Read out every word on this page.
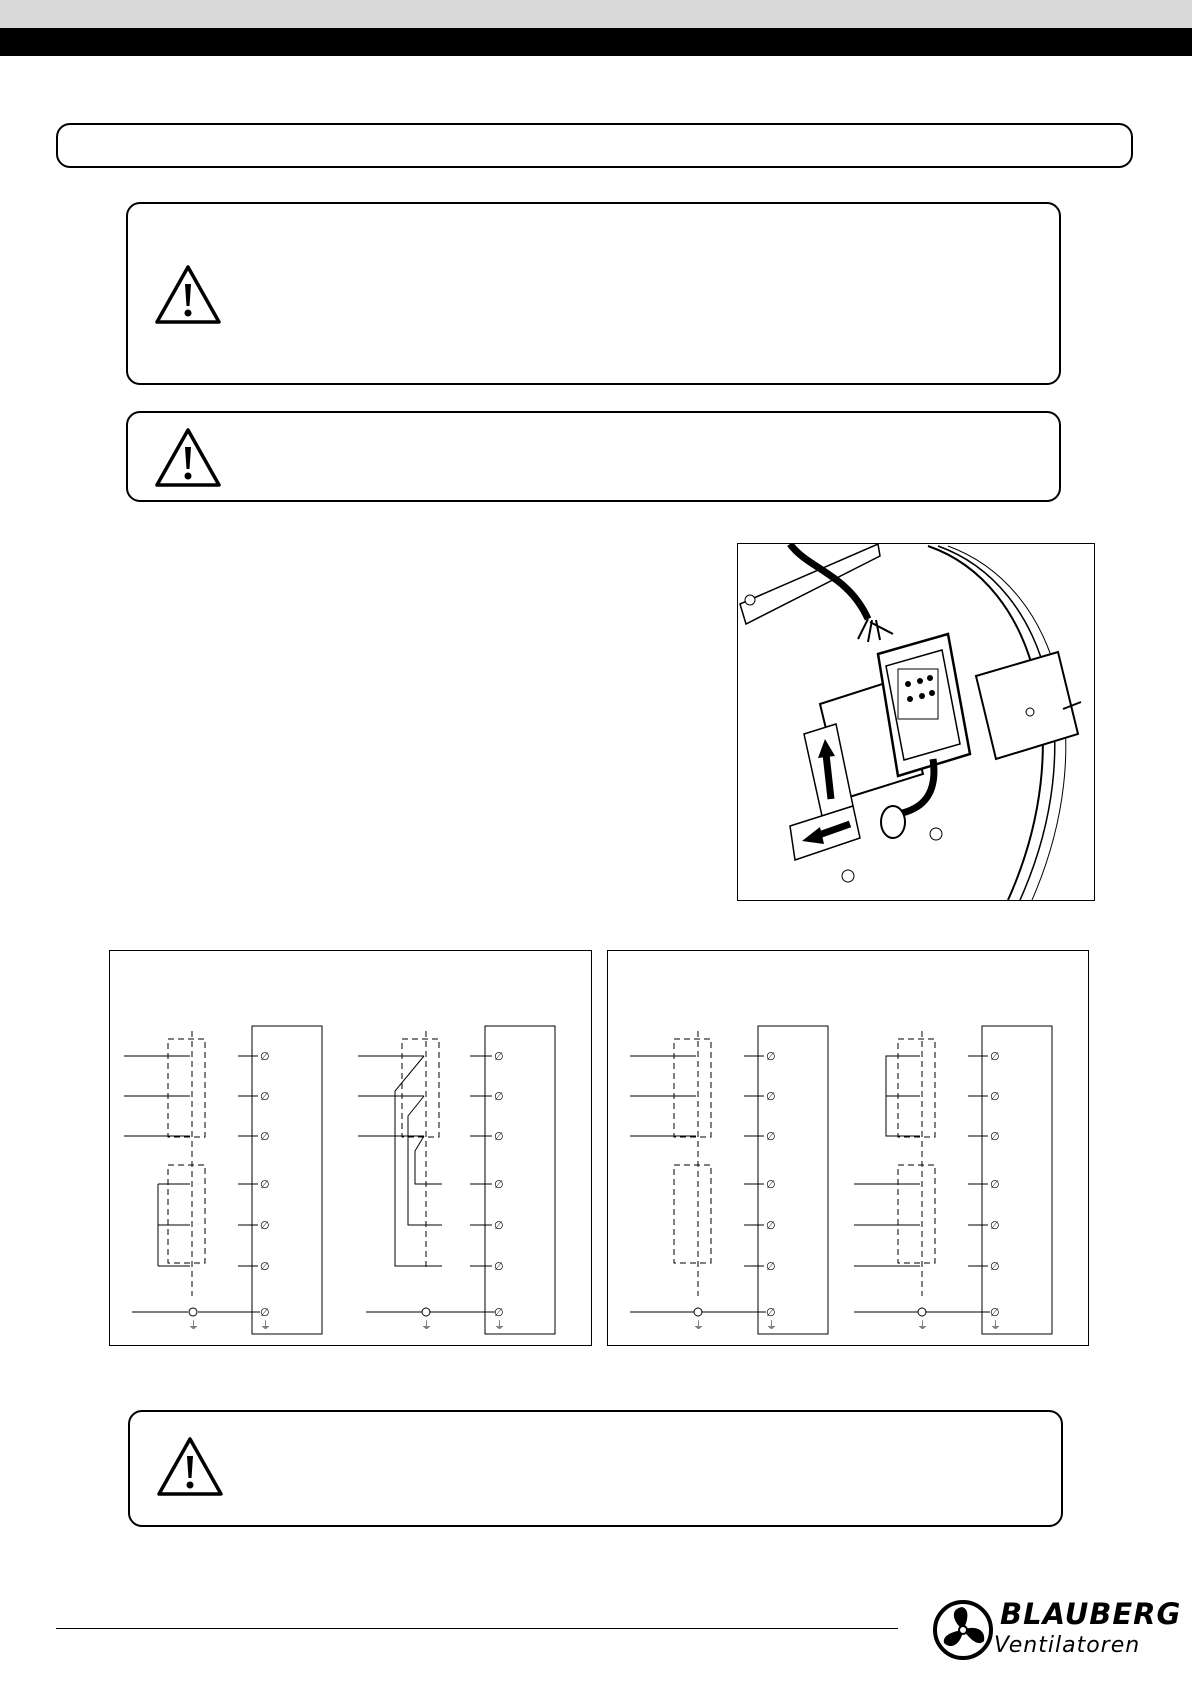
∅
∅
∅
∅
∅
∅
∅
⏚
⏚
∅
∅
∅
∅
∅
∅
∅
⏚
⏚
∅
∅
∅
∅
∅
∅
∅
⏚
⏚
∅
∅
∅
∅
∅
∅
∅
⏚
⏚
BLAUBERG
Ventilatoren
